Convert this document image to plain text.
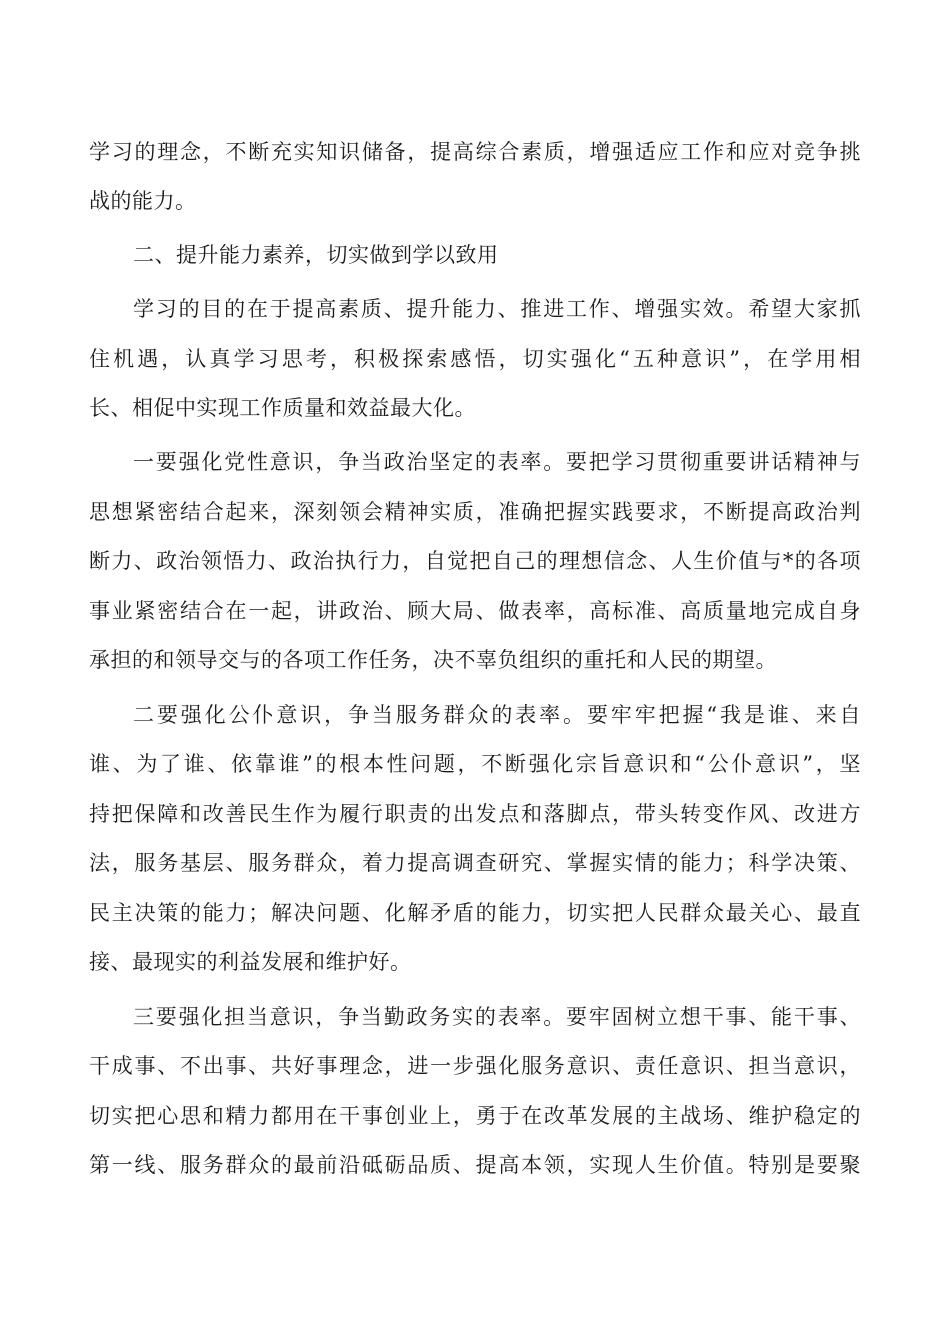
学习的理念，不断充实知识储备，提高综合素质，增强适应工作和应对竞争挑
战的能力。
二、提升能力素养，切实做到学以致用
学习的目的在于提高素质、提升能力、推进工作、增强实效。希望大家抓
住机遇，认真学习思考，积极探索感悟，切实强化“五种意识”，在学用相
长、相促中实现工作质量和效益最大化。
一要强化党性意识，争当政治坚定的表率。要把学习贯彻重要讲话精神与
思想紧密结合起来，深刻领会精神实质，准确把握实践要求，不断提高政治判
断力、政治领悟力、政治执行力，自觉把自己的理想信念、人生价值与*的各项
事业紧密结合在一起，讲政治、顾大局、做表率，高标准、高质量地完成自身
承担的和领导交与的各项工作任务，决不辜负组织的重托和人民的期望。
二要强化公仆意识，争当服务群众的表率。要牢牢把握“我是谁、来自
谁、为了谁、依靠谁”的根本性问题，不断强化宗旨意识和“公仆意识”，坚
持把保障和改善民生作为履行职责的出发点和落脚点，带头转变作风、改进方
法，服务基层、服务群众，着力提高调查研究、掌握实情的能力；科学决策、
民主决策的能力；解决问题、化解矛盾的能力，切实把人民群众最关心、最直
接、最现实的利益发展和维护好。
三要强化担当意识，争当勤政务实的表率。要牢固树立想干事、能干事、
干成事、不出事、共好事理念，进一步强化服务意识、责任意识、担当意识，
切实把心思和精力都用在干事创业上，勇于在改革发展的主战场、维护稳定的
第一线、服务群众的最前沿砥砺品质、提高本领，实现人生价值。特别是要聚
